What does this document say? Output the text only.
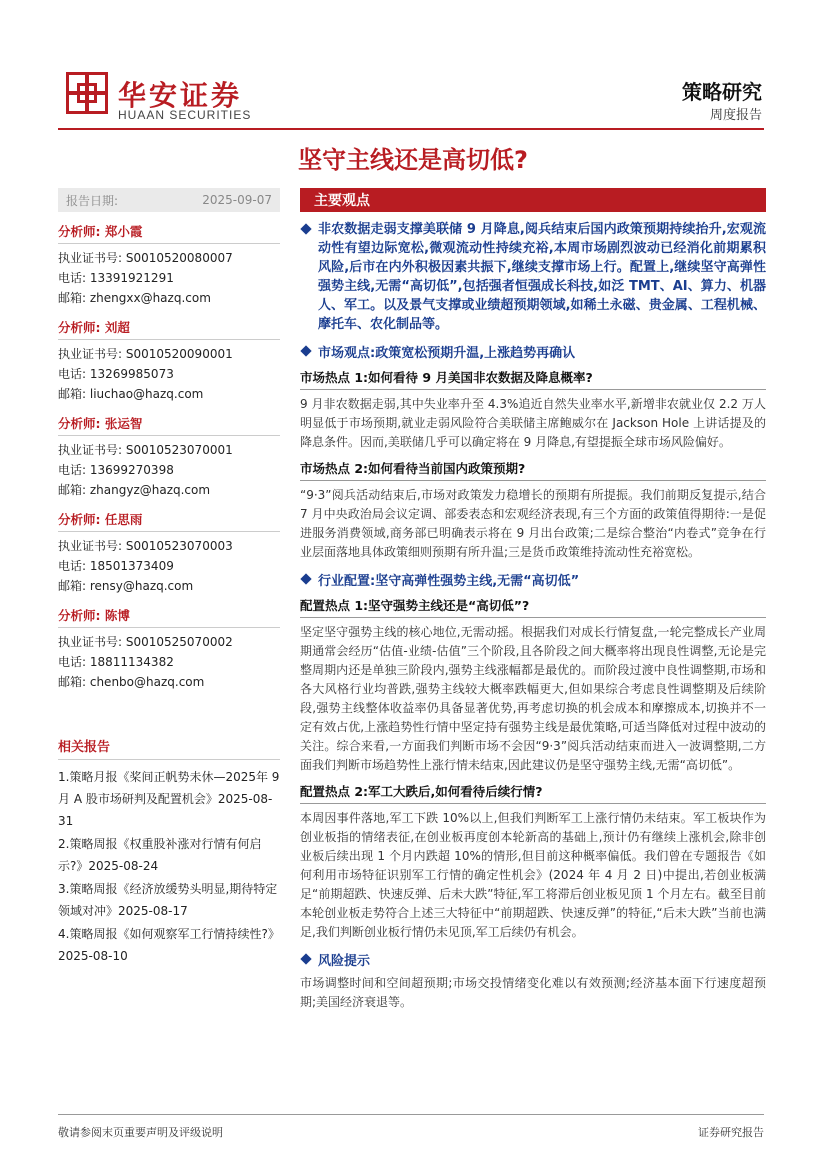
华安证券
HUAAN SECURITIES
策略研究
周度报告
坚守主线还是高切低?
报告日期:	2025-09-07
分析师: 郑小霞
执业证书号: S0010520080007
电话: 13391921291
邮箱: zhengxx@hazq.com
分析师: 刘超
执业证书号: S0010520090001
电话: 13269985073
邮箱: liuchao@hazq.com
分析师: 张运智
执业证书号: S0010523070001
电话: 13699270398
邮箱: zhangyz@hazq.com
分析师: 任思雨
执业证书号: S0010523070003
电话: 18501373409
邮箱: rensy@hazq.com
分析师: 陈博
执业证书号: S0010525070002
电话: 18811134382
邮箱: chenbo@hazq.com
相关报告
1.策略月报《桨间正帆势未休—2025年 9 月 A 股市场研判及配置机会》2025-08-31
2.策略周报《权重股补涨对行情有何启示?》2025-08-24
3.策略周报《经济放缓势头明显,期待特定领域对冲》2025-08-17
4.策略周报《如何观察军工行情持续性?》2025-08-10
主要观点
非农数据走弱支撑美联储 9 月降息,阅兵结束后国内政策预期持续抬升,宏观流动性有望边际宽松,微观流动性持续充裕,本周市场剧烈波动已经消化前期累积风险,后市在内外积极因素共振下,继续支撑市场上行。配置上,继续坚守高弹性强势主线,无需“高切低”,包括强者恒强成长科技,如泛 TMT、AI、算力、机器人、军工。以及景气支撑或业绩超预期领域,如稀土永磁、贵金属、工程机械、摩托车、农化制品等。
市场观点:政策宽松预期升温,上涨趋势再确认
市场热点 1:如何看待 9 月美国非农数据及降息概率?
9 月非农数据走弱,其中失业率升至 4.3%追近自然失业率水平,新增非农就业仅 2.2 万人明显低于市场预期,就业走弱风险符合美联储主席鲍威尔在 Jackson Hole 上讲话提及的降息条件。因而,美联储几乎可以确定将在 9 月降息,有望提振全球市场风险偏好。
市场热点 2:如何看待当前国内政策预期?
“9·3”阅兵活动结束后,市场对政策发力稳增长的预期有所提振。我们前期反复提示,结合 7 月中央政治局会议定调、部委表态和宏观经济表现,有三个方面的政策值得期待:一是促进服务消费领域,商务部已明确表示将在 9 月出台政策;二是综合整治“内卷式”竞争在行业层面落地具体政策细则预期有所升温;三是货币政策维持流动性充裕宽松。
行业配置:坚守高弹性强势主线,无需“高切低”
配置热点 1:坚守强势主线还是“高切低”?
坚定坚守强势主线的核心地位,无需动摇。根据我们对成长行情复盘,一轮完整成长产业周期通常会经历“估值-业绩-估值”三个阶段,且各阶段之间大概率将出现良性调整,无论是完整周期内还是单独三阶段内,强势主线涨幅都是最优的。而阶段过渡中良性调整期,市场和各大风格行业均普跌,强势主线较大概率跌幅更大,但如果综合考虑良性调整期及后续阶段,强势主线整体收益率仍具备显著优势,再考虑切换的机会成本和摩擦成本,切换并不一定有效占优,上涨趋势性行情中坚定持有强势主线是最优策略,可适当降低对过程中波动的关注。综合来看,一方面我们判断市场不会因“9·3”阅兵活动结束而进入一波调整期,二方面我们判断市场趋势性上涨行情未结束,因此建议仍是坚守强势主线,无需“高切低”。
配置热点 2:军工大跌后,如何看待后续行情?
本周因事件落地,军工下跌 10%以上,但我们判断军工上涨行情仍未结束。军工板块作为创业板指的情绪表征,在创业板再度创本轮新高的基础上,预计仍有继续上涨机会,除非创业板后续出现 1 个月内跌超 10%的情形,但目前这种概率偏低。我们曾在专题报告《如何利用市场特征识别军工行情的确定性机会》(2024 年 4 月 2 日)中提出,若创业板满足“前期超跌、快速反弹、后未大跌”特征,军工将滞后创业板见顶 1 个月左右。截至目前本轮创业板走势符合上述三大特征中“前期超跌、快速反弹”的特征,“后未大跌”当前也满足,我们判断创业板行情仍未见顶,军工后续仍有机会。
风险提示
市场调整时间和空间超预期;市场交投情绪变化难以有效预测;经济基本面下行速度超预期;美国经济衰退等。
敬请参阅末页重要声明及评级说明	证券研究报告
